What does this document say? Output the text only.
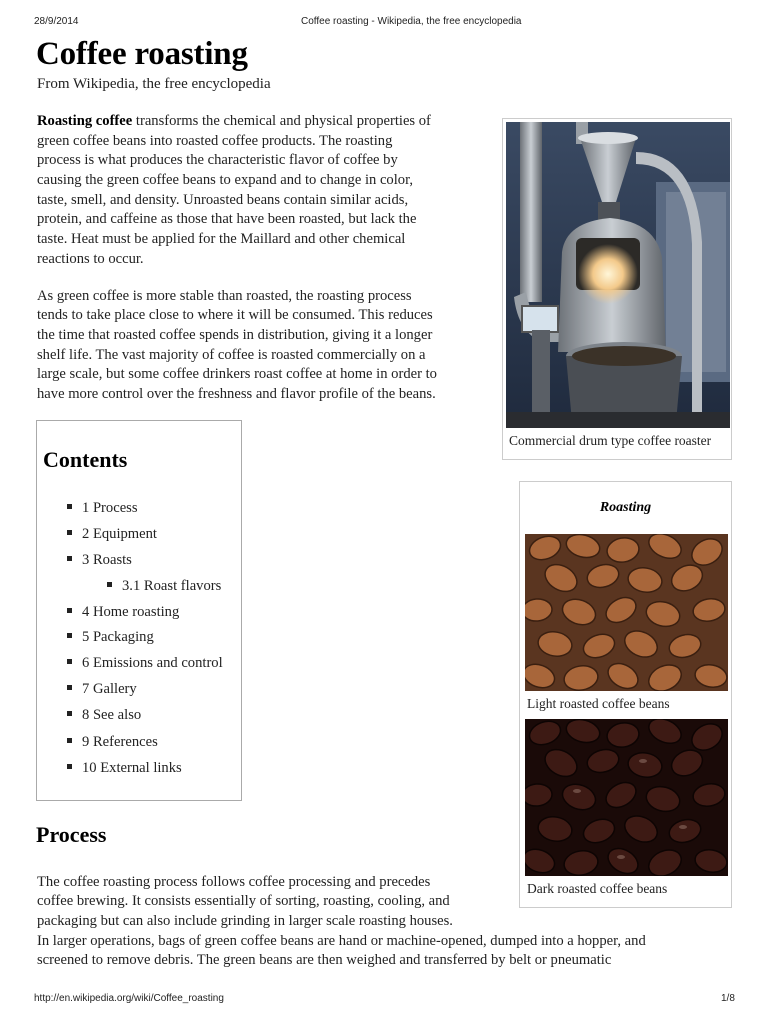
28/9/2014	Coffee roasting - Wikipedia, the free encyclopedia
Coffee roasting
From Wikipedia, the free encyclopedia
Roasting coffee transforms the chemical and physical properties of
green coffee beans into roasted coffee products. The roasting
process is what produces the characteristic flavor of coffee by
causing the green coffee beans to expand and to change in color,
taste, smell, and density. Unroasted beans contain similar acids,
protein, and caffeine as those that have been roasted, but lack the
taste. Heat must be applied for the Maillard and other chemical
reactions to occur.
As green coffee is more stable than roasted, the roasting process
tends to take place close to where it will be consumed. This reduces
the time that roasted coffee spends in distribution, giving it a longer
shelf life. The vast majority of coffee is roasted commercially on a
large scale, but some coffee drinkers roast coffee at home in order to
have more control over the freshness and flavor profile of the beans.
Commercial drum type coffee roaster
Contents
1 Process
2 Equipment
3 Roasts
3.1 Roast flavors
4 Home roasting
5 Packaging
6 Emissions and control
7 Gallery
8 See also
9 References
10 External links
Roasting
Light roasted coffee beans
Dark roasted coffee beans
Process
The coffee roasting process follows coffee processing and precedes
coffee brewing. It consists essentially of sorting, roasting, cooling, and
packaging but can also include grinding in larger scale roasting houses.
In larger operations, bags of green coffee beans are hand or machine-opened, dumped into a hopper, and
screened to remove debris. The green beans are then weighed and transferred by belt or pneumatic
http://en.wikipedia.org/wiki/Coffee_roasting	1/8
